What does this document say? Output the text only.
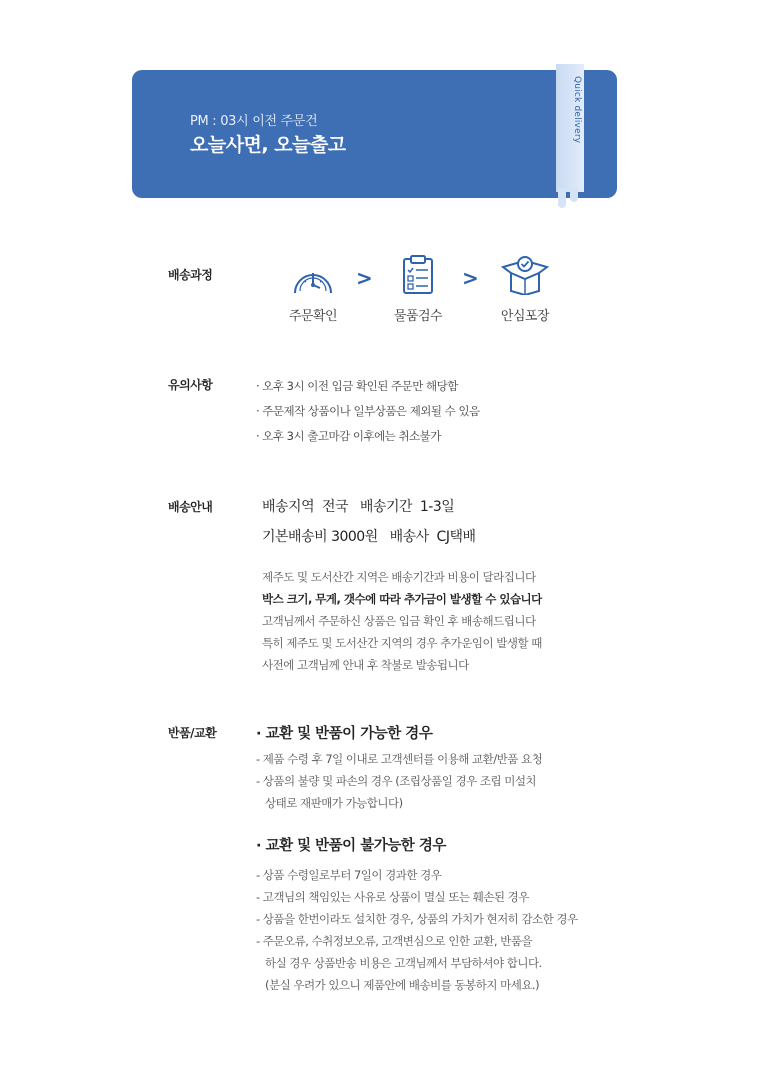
PM : 03시 이전 주문건
오늘사면, 오늘출고
Quick delivery
배송과정
주문확인
>
물품검수
>
안심포장
유의사항	· 오후 3시 이전 입금 확인된 주문만 해당함
· 주문제작 상품이나 일부상품은 제외될 수 있음
· 오후 3시 출고마감 이후에는 취소불가
배송안내	배송지역  전국   배송기간  1-3일
기본배송비 3000원   배송사  CJ택배
제주도 및 도서산간 지역은 배송기간과 비용이 달라집니다
박스 크기, 무게, 갯수에 따라 추가금이 발생할 수 있습니다
고객님께서 주문하신 상품은 입금 확인 후 배송해드립니다
특히 제주도 및 도서산간 지역의 경우 추가운임이 발생할 때
사전에 고객님께 안내 후 착불로 발송됩니다
반품/교환	· 교환 및 반품이 가능한 경우
- 제품 수령 후 7일 이내로 고객센터를 이용해 교환/반품 요청
- 상품의 불량 및 파손의 경우 (조립상품일 경우 조립 미설치
상태로 재판매가 가능합니다)
· 교환 및 반품이 불가능한 경우
- 상품 수령일로부터 7일이 경과한 경우
- 고객님의 책임있는 사유로 상품이 멸실 또는 훼손된 경우
- 상품을 한번이라도 설치한 경우, 상품의 가치가 현저히 감소한 경우
- 주문오류, 수취정보오류, 고객변심으로 인한 교환, 반품을
하실 경우 상품반송 비용은 고객님께서 부담하셔야 합니다.
(분실 우려가 있으니 제품안에 배송비를 동봉하지 마세요.)
